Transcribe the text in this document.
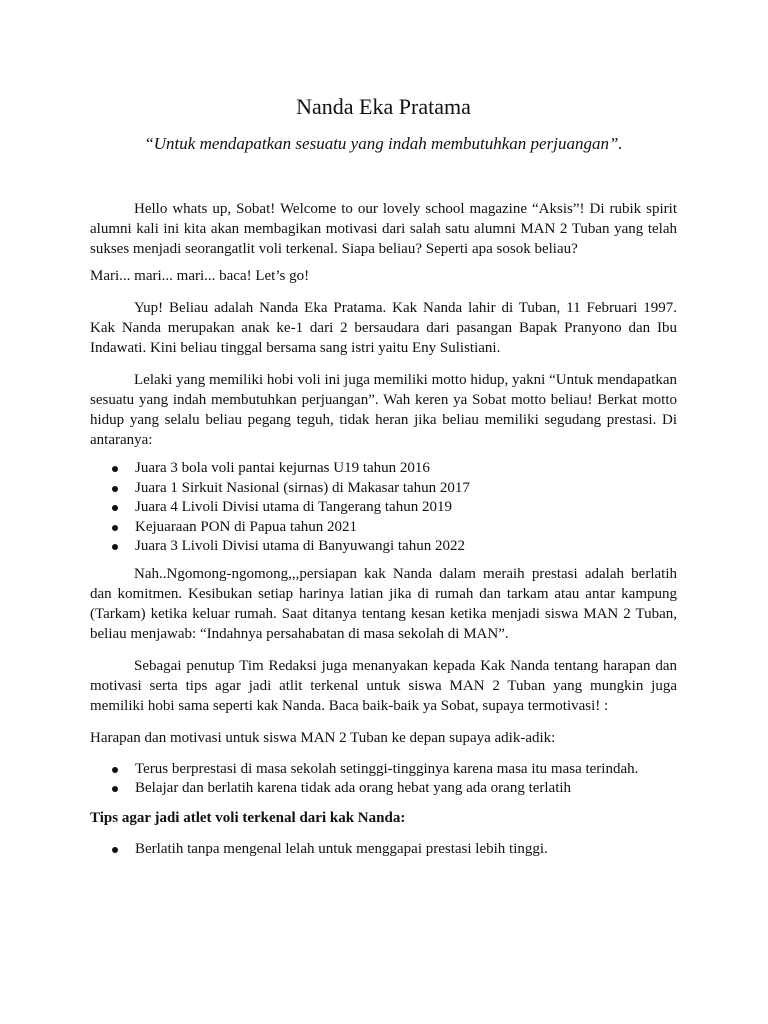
Nanda Eka Pratama

“Untuk mendapatkan sesuatu yang indah membutuhkan perjuangan”.

Hello whats up, Sobat! Welcome to our lovely school magazine “Aksis”! Di rubik spirit alumni kali ini kita akan membagikan motivasi dari salah satu alumni MAN 2 Tuban yang telah sukses menjadi seorangatlit voli terkenal. Siapa beliau? Seperti apa sosok beliau?

Mari... mari... mari... baca! Let’s go!

Yup! Beliau adalah Nanda Eka Pratama. Kak Nanda lahir di Tuban, 11 Februari 1997. Kak Nanda merupakan anak ke-1 dari 2 bersaudara dari pasangan Bapak Pranyono dan Ibu Indawati. Kini beliau tinggal bersama sang istri yaitu Eny Sulistiani.

Lelaki yang memiliki hobi voli ini juga memiliki motto hidup, yakni “Untuk mendapatkan sesuatu yang indah membutuhkan perjuangan”. Wah keren ya Sobat motto beliau! Berkat motto hidup yang selalu beliau pegang teguh, tidak heran jika beliau memiliki segudang prestasi. Di antaranya:

Juara 3 bola voli pantai kejurnas U19 tahun 2016
Juara 1 Sirkuit Nasional (sirnas) di Makasar tahun 2017
Juara 4 Livoli Divisi utama di Tangerang tahun 2019
Kejuaraan PON di Papua tahun 2021
Juara 3 Livoli Divisi utama di Banyuwangi tahun 2022

Nah..Ngomong-ngomong,,,persiapan kak Nanda dalam meraih prestasi adalah berlatih dan komitmen. Kesibukan setiap harinya latian jika di rumah dan tarkam atau antar kampung (Tarkam) ketika keluar rumah. Saat ditanya tentang kesan ketika menjadi siswa MAN 2 Tuban, beliau menjawab: “Indahnya persahabatan di masa sekolah di MAN”.

Sebagai penutup Tim Redaksi juga menanyakan kepada Kak Nanda tentang harapan dan motivasi serta tips agar jadi atlit terkenal untuk siswa MAN 2 Tuban yang mungkin juga memiliki hobi sama seperti kak Nanda. Baca baik-baik ya Sobat, supaya termotivasi! :

Harapan dan motivasi untuk siswa MAN 2 Tuban ke depan supaya adik-adik:

Terus berprestasi di masa sekolah setinggi-tingginya karena masa itu masa terindah.
Belajar dan berlatih karena tidak ada orang hebat yang ada orang terlatih

Tips agar jadi atlet voli terkenal dari kak Nanda:

Berlatih tanpa mengenal lelah untuk menggapai prestasi lebih tinggi.
